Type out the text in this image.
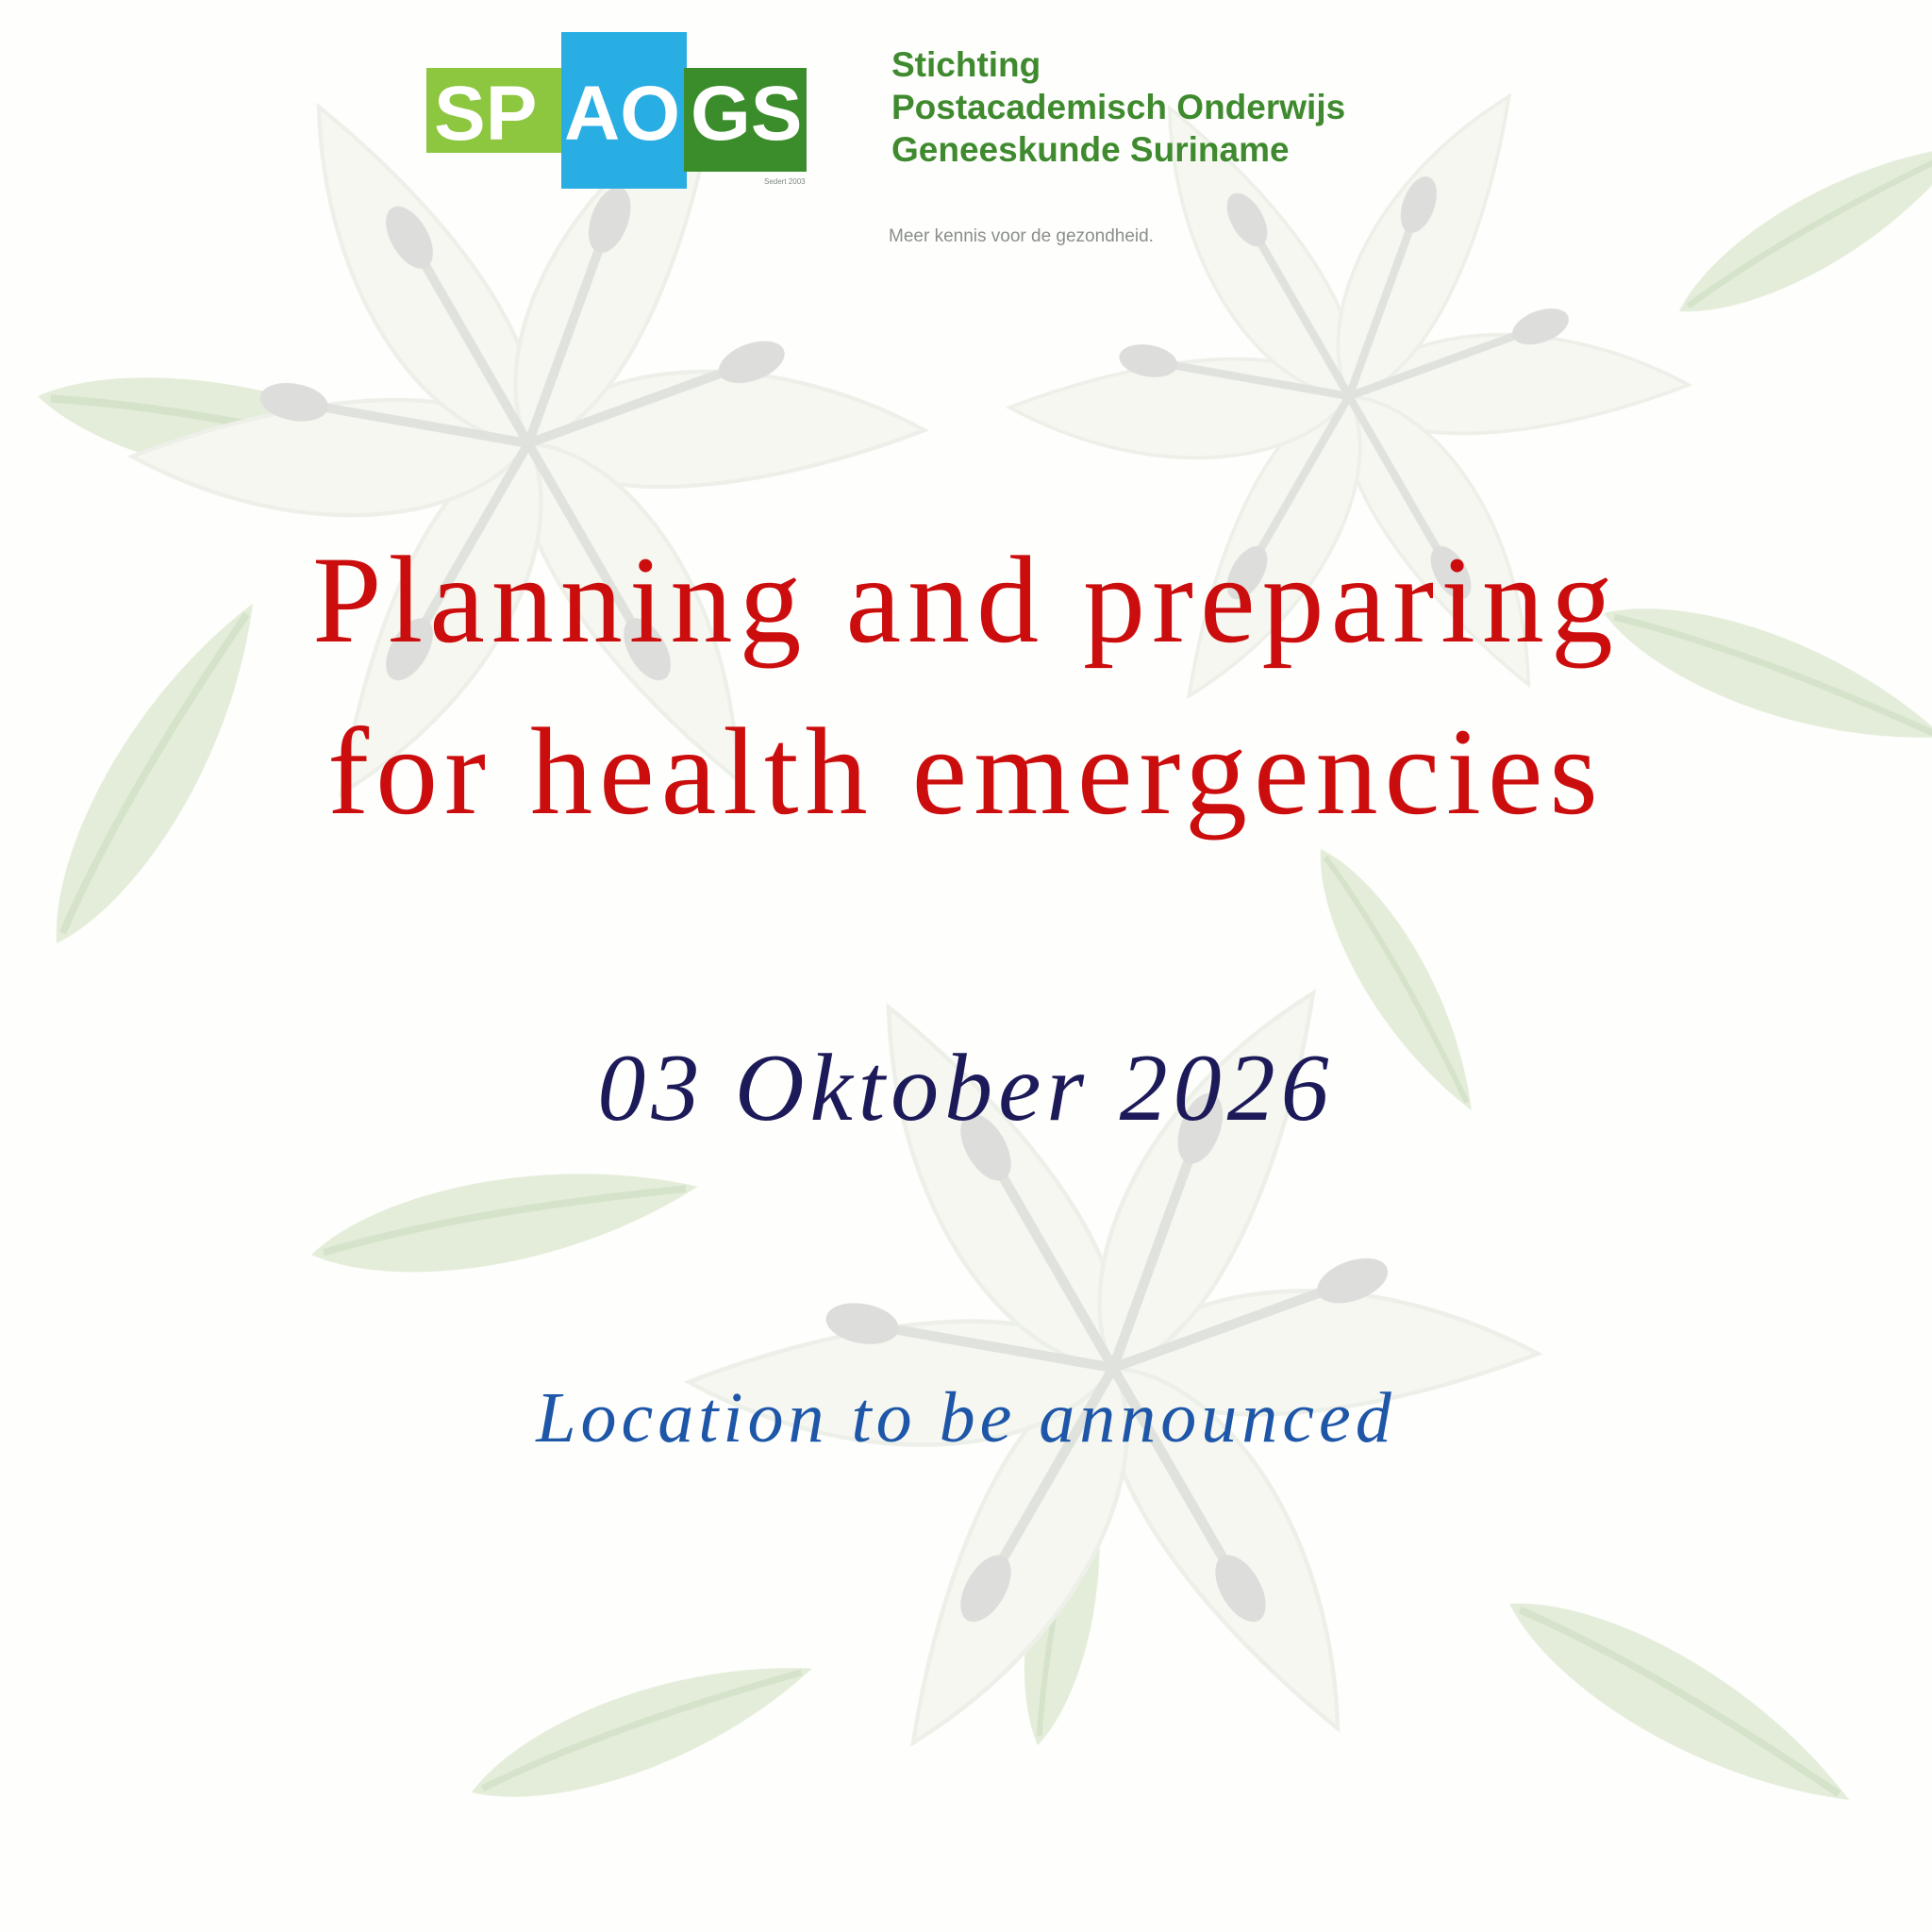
SP AO GS
Sedert 2003
Stichting
Postacademisch Onderwijs
Geneeskunde Suriname
Meer kennis voor de gezondheid.
Planning and preparing
for health emergencies
03 Oktober 2026
Location to be announced
